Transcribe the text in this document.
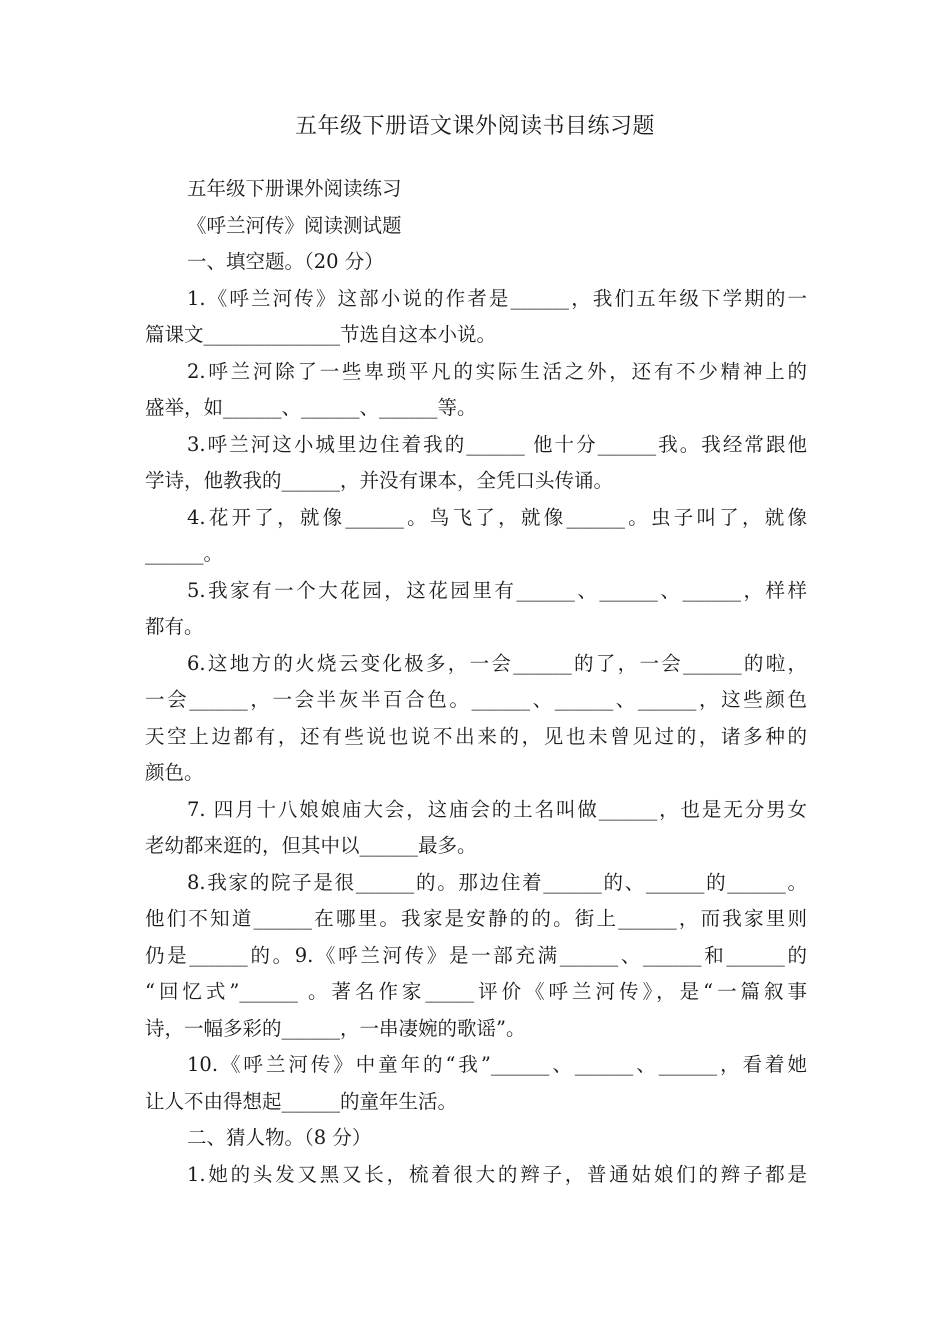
五年级下册语文课外阅读书目练习题
五年级下册课外阅读练习
《呼兰河传》阅读测试题
一、填空题。（20 分）
1.《呼兰河传》这部小说的作者是______，我们五年级下学期的一
篇课文______________节选自这本小说。
2.呼兰河除了一些卑琐平凡的实际生活之外，还有不少精神上的
盛举，如______、______、______等。
3.呼兰河这小城里边住着我的______ 他十分______我。我经常跟他
学诗，他教我的______，并没有课本，全凭口头传诵。
4.花开了，就像______。鸟飞了，就像______。虫子叫了，就像
______。
5.我家有一个大花园，这花园里有______、______、______，样样
都有。
6.这地方的火烧云变化极多，一会______的了，一会______的啦，
一会______，一会半灰半百合色。______、______、______，这些颜色
天空上边都有，还有些说也说不出来的，见也未曾见过的，诸多种的
颜色。
7. 四月十八娘娘庙大会，这庙会的土名叫做______，也是无分男女
老幼都来逛的，但其中以______最多。
8.我家的院子是很______的。那边住着______的、______的______。
他们不知道______在哪里。我家是安静的的。街上______，而我家里则
仍是______的。9.《呼兰河传》是一部充满______、______和______的
“回忆式”______ 。著名作家_____评价《呼兰河传》，是“一篇叙事
诗，一幅多彩的______，一串凄婉的歌谣”。
10.《呼兰河传》中童年的“我”______、______、______，看着她
让人不由得想起______的童年生活。
二、猜人物。（8 分）
1.她的头发又黑又长，梳着很大的辫子，普通姑娘们的辫子都是
